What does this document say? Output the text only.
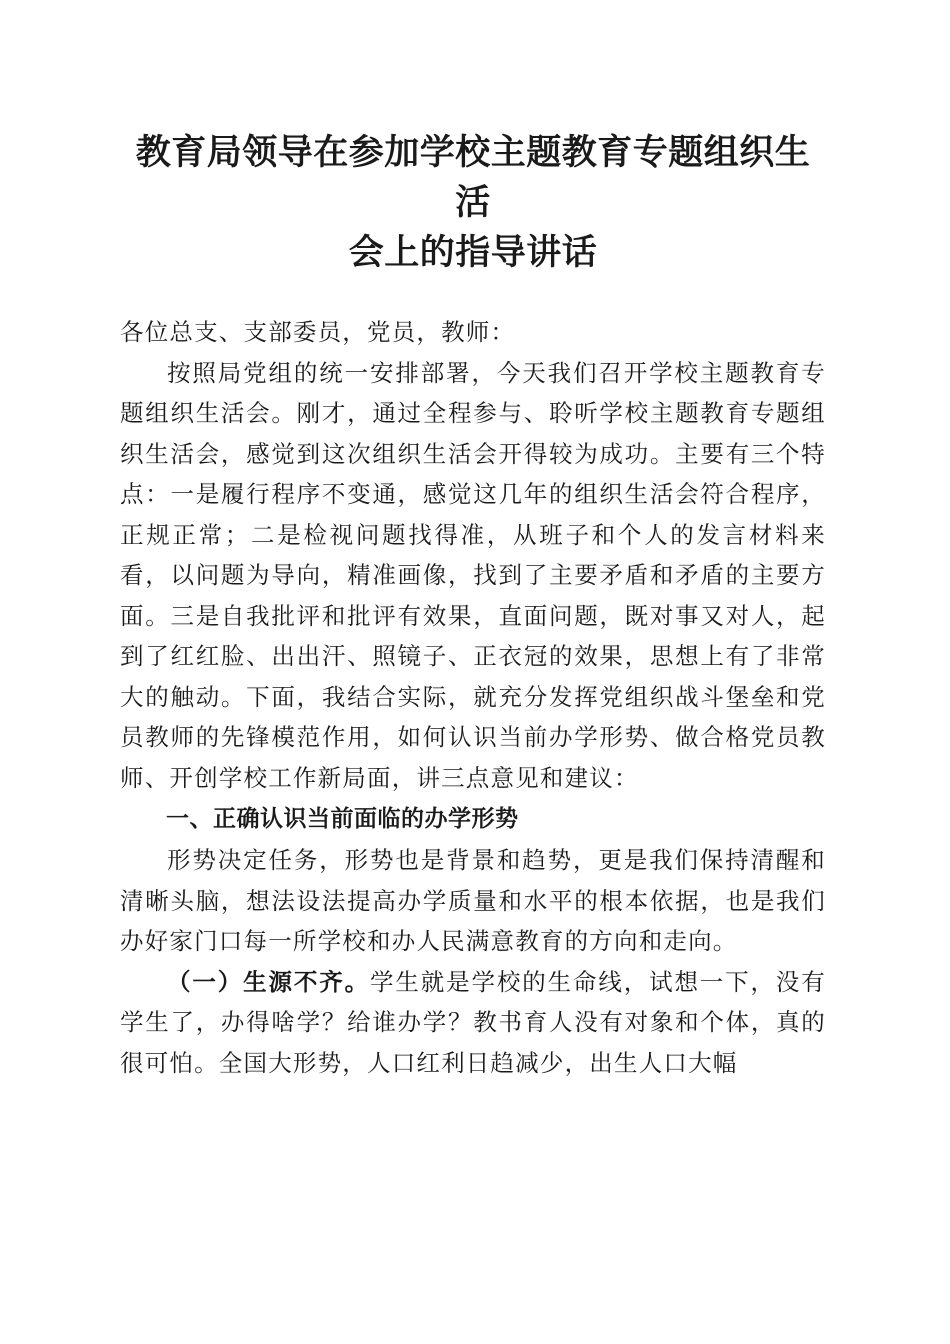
教育局领导在参加学校主题教育专题组织生活
会上的指导讲话

各位总支、支部委员，党员，教师：

按照局党组的统一安排部署，今天我们召开学校主题教育专题组织生活会。刚才，通过全程参与、聆听学校主题教育专题组织生活会，感觉到这次组织生活会开得较为成功。主要有三个特点：一是履行程序不变通，感觉这几年的组织生活会符合程序，正规正常；二是检视问题找得准，从班子和个人的发言材料来看，以问题为导向，精准画像，找到了主要矛盾和矛盾的主要方面。三是自我批评和批评有效果，直面问题，既对事又对人，起到了红红脸、出出汗、照镜子、正衣冠的效果，思想上有了非常大的触动。下面，我结合实际，就充分发挥党组织战斗堡垒和党员教师的先锋模范作用，如何认识当前办学形势、做合格党员教师、开创学校工作新局面，讲三点意见和建议：

一、正确认识当前面临的办学形势

形势决定任务，形势也是背景和趋势，更是我们保持清醒和清晰头脑，想法设法提高办学质量和水平的根本依据，也是我们办好家门口每一所学校和办人民满意教育的方向和走向。

（一）生源不齐。学生就是学校的生命线，试想一下，没有学生了，办得啥学？给谁办学？教书育人没有对象和个体，真的很可怕。全国大形势，人口红利日趋减少，出生人口大幅
